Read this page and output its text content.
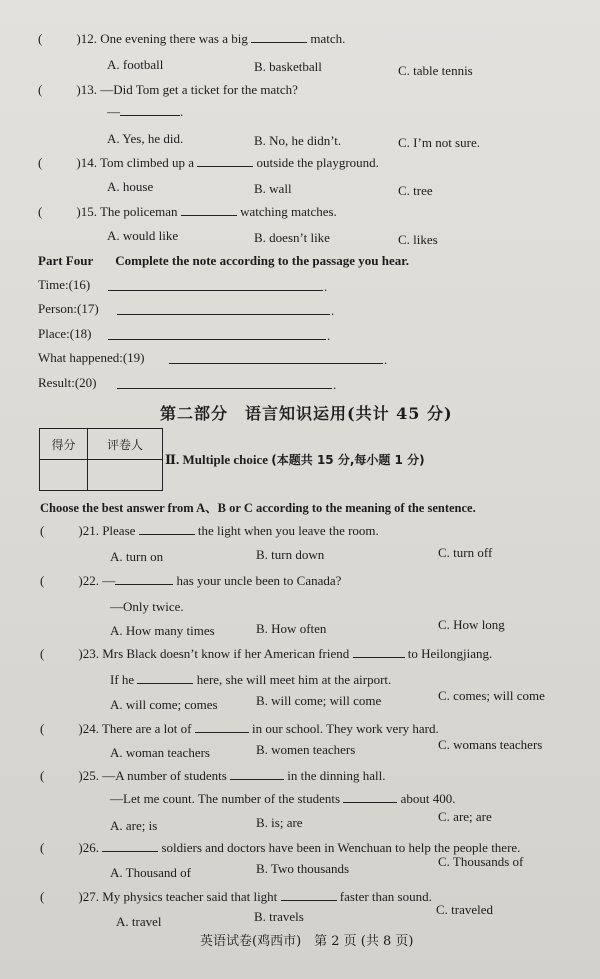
(	)12. One evening there was a big	match.
A. football	B. basketball	C. table tennis
(	)13. —Did Tom get a ticket for the match?
—	.
A. Yes, he did.	B. No, he didn’t.	C. I’m not sure.
(	)14. Tom climbed up a	outside the playground.
A. house	B. wall	C. tree
(	)15. The policeman	watching matches.
A. would like	B. doesn’t like	C. likes
Part Four Complete the note according to the passage you hear.
Time:(16)	.
Person:(17)	.
Place:(18)	.
What happened:(19)	.
Result:(20)	.
第二部分　语言知识运用(共计 45 分)
得分	评卷人

Ⅱ. Multiple choice (本题共 15 分,每小题 1 分)
Choose the best answer from A、B or C according to the meaning of the sentence.
(	)21. Please	the light when you leave the room.
A. turn on	B. turn down	C. turn off
(	)22. —	has your uncle been to Canada?
—Only twice.
A. How many times	B. How often	C. How long
(	)23. Mrs Black doesn’t know if her American friend	to Heilongjiang.
If he	here, she will meet him at the airport.
A. will come; comes	B. will come; will come	C. comes; will come
(	)24. There are a lot of	in our school. They work very hard.
A. woman teachers	B. women teachers	C. womans teachers
(	)25. —A number of students	in the dinning hall.
—Let me count. The number of the students	about 400.
A. are; is	B. is; are	C. are; are
(	)26.	soldiers and doctors have been in Wenchuan to help the people there.
A. Thousand of	B. Two thousands	C. Thousands of
(	)27. My physics teacher said that light	faster than sound.
A. travel	B. travels	C. traveled
英语试卷(鸡西市)　第 2 页 (共 8 页)
